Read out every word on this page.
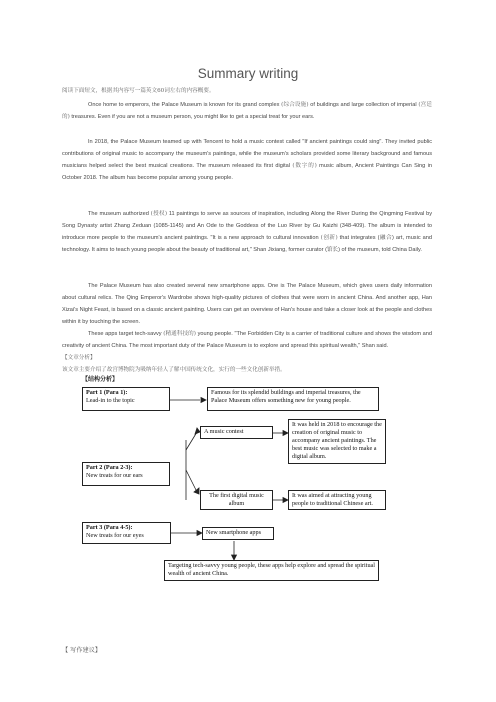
Summary writing

阅读下面短文，根据其内容写一篇英文60词左右的内容概要。

Once home to emperors, the Palace Museum is known for its grand complex (综合设施) of buildings and large collection of imperial (宫廷的) treasures. Even if you are not a museum person, you might like to get a special treat for your ears.

In 2018, the Palace Museum teamed up with Tencent to hold a music contest called "If ancient paintings could sing". They invited public contributions of original music to accompany the museum's paintings, while the museum's scholars provided some literary background and famous musicians helped select the best musical creations. The museum released its first digital (数字的) music album, Ancient Paintings Can Sing in October 2018. The album has become popular among young people.

The museum authorized (授权) 11 paintings to serve as sources of inspiration, including Along the River During the Qingming Festival by Song Dynasty artist Zhang Zeduan (1085-1145) and An Ode to the Goddess of the Luo River by Gu Kaizhi (348-409). The album is intended to introduce more people to the museum's ancient paintings. "It is a new approach to cultural innovation (创新) that integrates (融合) art, music and technology. It aims to teach young people about the beauty of traditional art," Shan Jixiang, former curator (馆长) of the museum, told China Daily.

The Palace Museum has also created several new smartphone apps. One is The Palace Museum, which gives users daily information about cultural relics. The Qing Emperor's Wardrobe shows high-quality pictures of clothes that were worn in ancient China. And another app, Han Xizai's Night Feast, is based on a classic ancient painting. Users can get an overview of Han's house and take a closer look at the people and clothes within it by touching the screen.

These apps target tech-savvy (精通科技的) young people. "The Forbidden City is a carrier of traditional culture and shows the wisdom and creativity of ancient China. The most important duty of the Palace Museum is to explore and spread this spiritual wealth," Shan said.

【文章分析】

该文章主要介绍了故宫博物院为吸纳年轻人了解中国传统文化，实行的一些文化创新举措。

【结构分析】
Part 1 (Para 1):
Lead-in to the topic
Famous for its splendid buildings and imperial treasures, the Palace Museum offers something new for young people.
A music contest
It was held in 2018 to encourage the creation of original music to accompany ancient paintings. The best music was selected to make a digital album.
Part 2 (Para 2-3):
New treats for our ears
The first digital music album
It was aimed at attracting young people to traditional Chinese art.
Part 3 (Para 4-5):
New treats for our eyes	New smartphone apps
Targeting tech-savvy young people, these apps help explore and spread the spiritual wealth of ancient China.
【 写作建议】
